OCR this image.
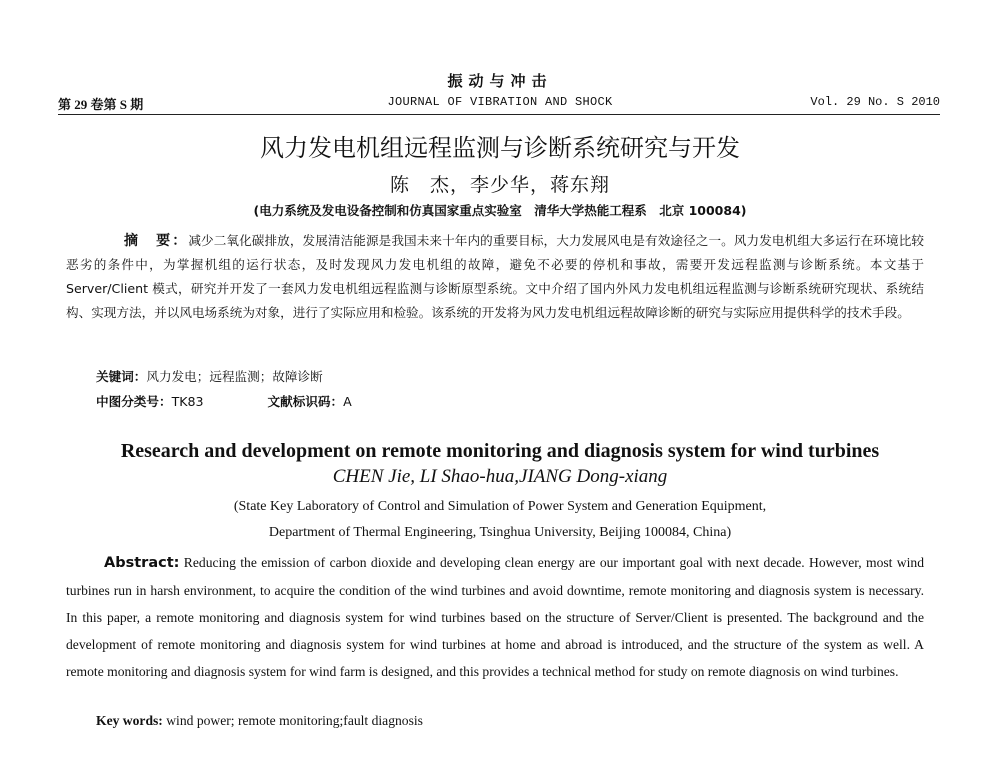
振动与冲击
第 29 卷第 S 期	JOURNAL OF VIBRATION AND SHOCK	Vol. 29 No. S 2010
风力发电机组远程监测与诊断系统研究与开发
陈　杰，李少华，蒋东翔
(电力系统及发电设备控制和仿真国家重点实验室　清华大学热能工程系　北京 100084)
摘　要：减少二氧化碳排放，发展清洁能源是我国未来十年内的重要目标，大力发展风电是有效途径之一。风力发电机组大多运行在环境比较恶劣的条件中，为掌握机组的运行状态，及时发现风力发电机组的故障，避免不必要的停机和事故，需要开发远程监测与诊断系统。本文基于 Server/Client 模式，研究并开发了一套风力发电机组远程监测与诊断原型系统。文中介绍了国内外风力发电机组远程监测与诊断系统研究现状、系统结构、实现方法，并以风电场系统为对象，进行了实际应用和检验。该系统的开发将为风力发电机组远程故障诊断的研究与实际应用提供科学的技术手段。
关键词：风力发电；远程监测；故障诊断
中图分类号：TK83	文献标识码：A
Research and development on remote monitoring and diagnosis system for wind turbines
CHEN Jie, LI Shao-hua,JIANG Dong-xiang
(State Key Laboratory of Control and Simulation of Power System and Generation Equipment,
Department of Thermal Engineering, Tsinghua University, Beijing 100084, China)
Abstract: Reducing the emission of carbon dioxide and developing clean energy are our important goal with next decade. However, most wind turbines run in harsh environment, to acquire the condition of the wind turbines and avoid downtime, remote monitoring and diagnosis system is necessary. In this paper, a remote monitoring and diagnosis system for wind turbines based on the structure of Server/Client is presented. The background and the development of remote monitoring and diagnosis system for wind turbines at home and abroad is introduced, and the structure of the system as well. A remote monitoring and diagnosis system for wind farm is designed, and this provides a technical method for study on remote diagnosis on wind turbines.
Key words: wind power; remote monitoring;fault diagnosis
